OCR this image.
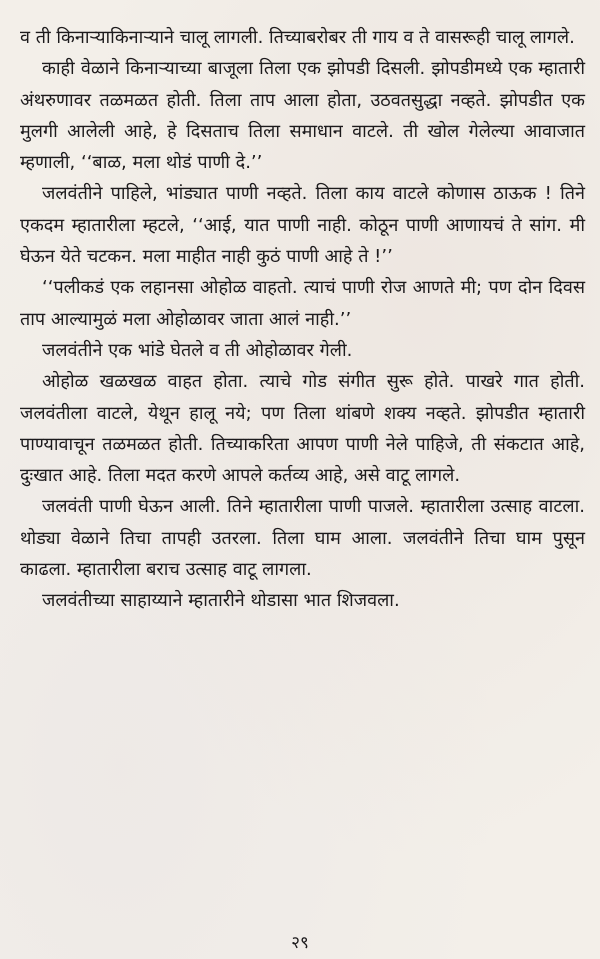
व ती किनाऱ्याकिनाऱ्याने चालू लागली. तिच्याबरोबर ती गाय व ते वासरूही चालू लागले.

काही वेळाने किनाऱ्याच्या बाजूला तिला एक झोपडी दिसली. झोपडीमध्ये एक म्हातारी अंथरुणावर तळमळत होती. तिला ताप आला होता, उठवतसुद्धा नव्हते. झोपडीत एक मुलगी आलेली आहे, हे दिसताच तिला समाधान वाटले. ती खोल गेलेल्या आवाजात म्हणाली, ‘‘बाळ, मला थोडं पाणी दे.’’

जलवंतीने पाहिले, भांड्यात पाणी नव्हते. तिला काय वाटले कोणास ठाऊक ! तिने एकदम म्हातारीला म्हटले, ‘‘आई, यात पाणी नाही. कोठून पाणी आणायचं ते सांग. मी घेऊन येते चटकन. मला माहीत नाही कुठं पाणी आहे ते !’’

‘‘पलीकडं एक लहानसा ओहोळ वाहतो. त्याचं पाणी रोज आणते मी; पण दोन दिवस ताप आल्यामुळं मला ओहोळावर जाता आलं नाही.’’

जलवंतीने एक भांडे घेतले व ती ओहोळावर गेली.

ओहोळ खळखळ वाहत होता. त्याचे गोड संगीत सुरू होते. पाखरे गात होती. जलवंतीला वाटले, येथून हालू नये; पण तिला थांबणे शक्य नव्हते. झोपडीत म्हातारी पाण्यावाचून तळमळत होती. तिच्याकरिता आपण पाणी नेले पाहिजे, ती संकटात आहे, दुःखात आहे. तिला मदत करणे आपले कर्तव्य आहे, असे वाटू लागले.

जलवंती पाणी घेऊन आली. तिने म्हातारीला पाणी पाजले. म्हातारीला उत्साह वाटला. थोड्या वेळाने तिचा तापही उतरला. तिला घाम आला. जलवंतीने तिचा घाम पुसून काढला. म्हातारीला बराच उत्साह वाटू लागला.

जलवंतीच्या साहाय्याने म्हातारीने थोडासा भात शिजवला.

२९
